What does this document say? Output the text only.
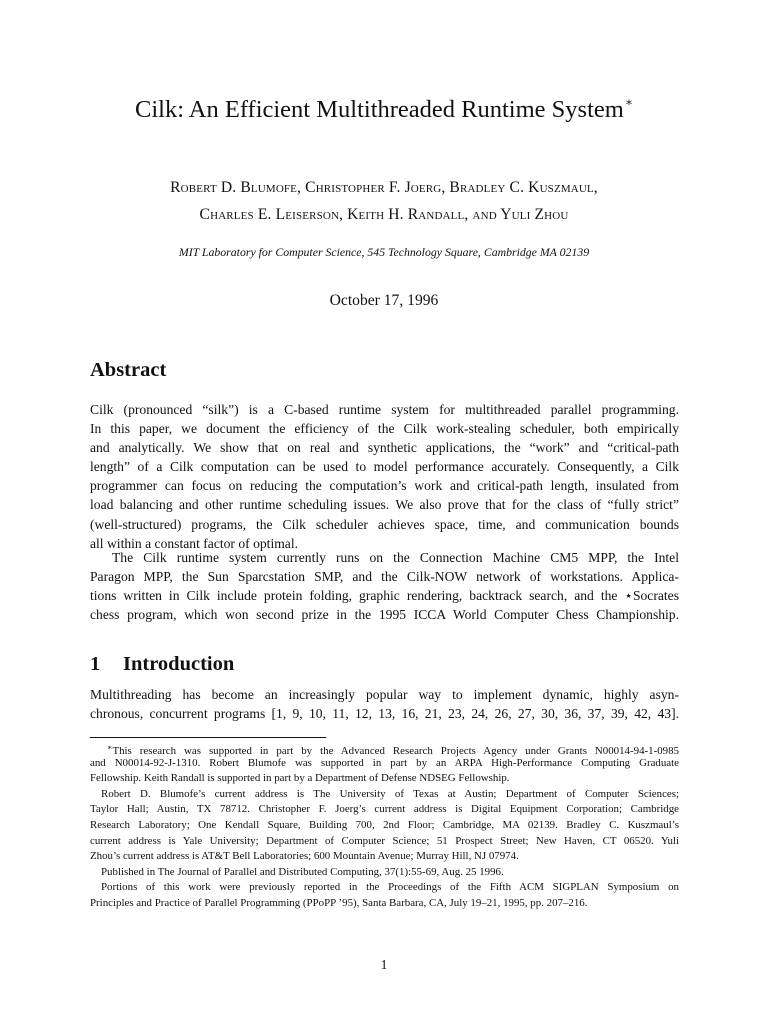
Cilk: An Efficient Multithreaded Runtime System∗
Robert D. Blumofe, Christopher F. Joerg, Bradley C. Kuszmaul,
Charles E. Leiserson, Keith H. Randall, and Yuli Zhou
MIT Laboratory for Computer Science, 545 Technology Square, Cambridge MA 02139
October 17, 1996
Abstract
Cilk (pronounced “silk”) is a C-based runtime system for multithreaded parallel programming.
In this paper, we document the efficiency of the Cilk work-stealing scheduler, both empirically
and analytically. We show that on real and synthetic applications, the “work” and “critical-path
length” of a Cilk computation can be used to model performance accurately. Consequently, a Cilk
programmer can focus on reducing the computation’s work and critical-path length, insulated from
load balancing and other runtime scheduling issues. We also prove that for the class of “fully strict”
(well-structured) programs, the Cilk scheduler achieves space, time, and communication bounds
all within a constant factor of optimal.
The Cilk runtime system currently runs on the Connection Machine CM5 MPP, the Intel
Paragon MPP, the Sun Sparcstation SMP, and the Cilk-NOW network of workstations. Applica-
tions written in Cilk include protein folding, graphic rendering, backtrack search, and the ⋆Socrates
chess program, which won second prize in the 1995 ICCA World Computer Chess Championship.
1 Introduction
Multithreading has become an increasingly popular way to implement dynamic, highly asyn-
chronous, concurrent programs [1, 9, 10, 11, 12, 13, 16, 21, 23, 24, 26, 27, 30, 36, 37, 39, 42, 43].
∗This research was supported in part by the Advanced Research Projects Agency under Grants N00014-94-1-0985
and N00014-92-J-1310. Robert Blumofe was supported in part by an ARPA High-Performance Computing Graduate
Fellowship. Keith Randall is supported in part by a Department of Defense NDSEG Fellowship.
Robert D. Blumofe’s current address is The University of Texas at Austin; Department of Computer Sciences;
Taylor Hall; Austin, TX 78712. Christopher F. Joerg’s current address is Digital Equipment Corporation; Cambridge
Research Laboratory; One Kendall Square, Building 700, 2nd Floor; Cambridge, MA 02139. Bradley C. Kuszmaul’s
current address is Yale University; Department of Computer Science; 51 Prospect Street; New Haven, CT 06520. Yuli
Zhou’s current address is AT&T Bell Laboratories; 600 Mountain Avenue; Murray Hill, NJ 07974.
Published in The Journal of Parallel and Distributed Computing, 37(1):55-69, Aug. 25 1996.
Portions of this work were previously reported in the Proceedings of the Fifth ACM SIGPLAN Symposium on
Principles and Practice of Parallel Programming (PPoPP ’95), Santa Barbara, CA, July 19–21, 1995, pp. 207–216.
1
